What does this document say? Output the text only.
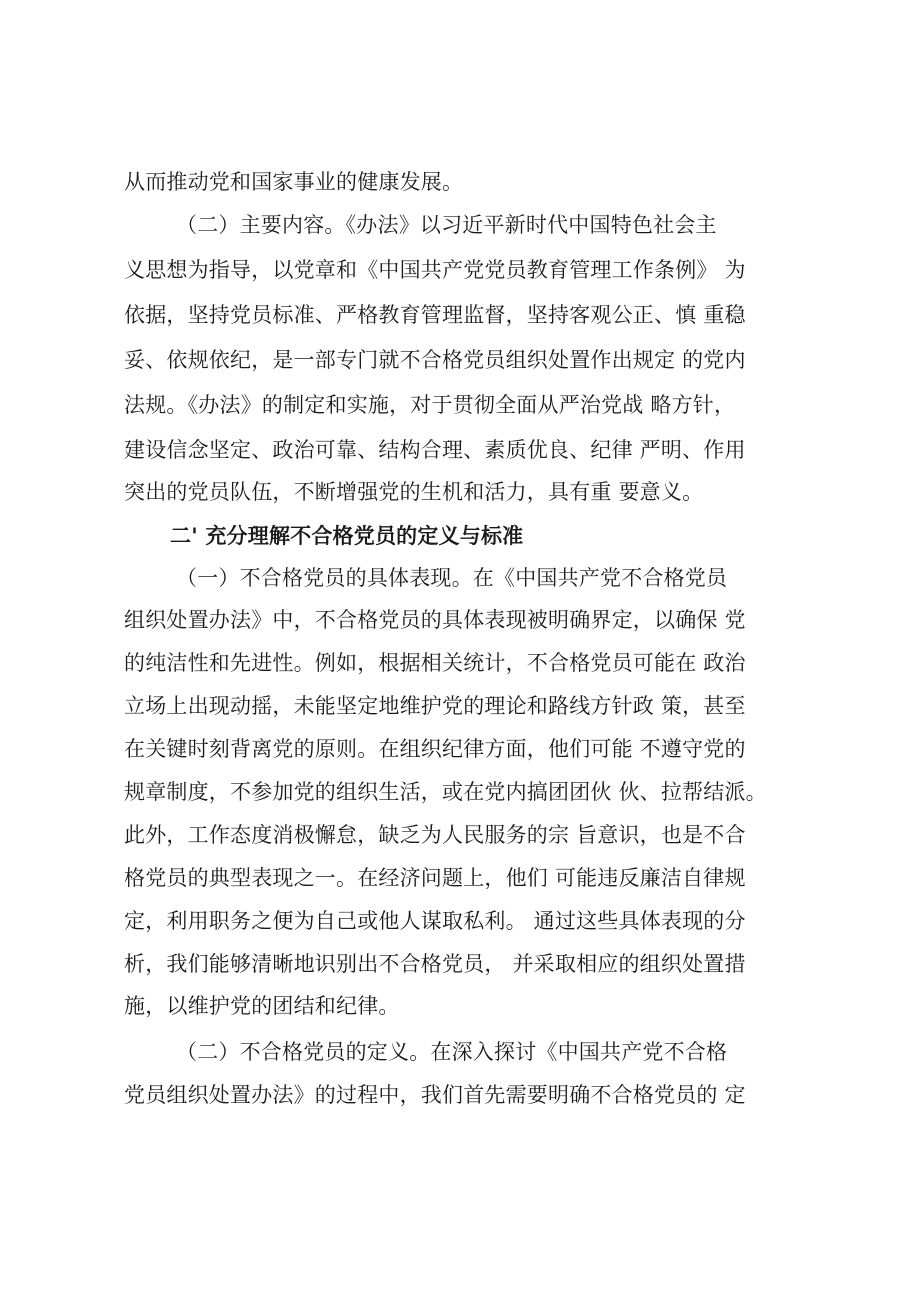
从而推动党和国家事业的健康发展。
（二）主要内容。《办法》以习近平新时代中国特色社会主
义思想为指导，以党章和《中国共产党党员教育管理工作条例》 为
依据，坚持党员标准、严格教育管理监督，坚持客观公正、慎 重稳
妥、依规依纪，是一部专门就不合格党员组织处置作出规定 的党内
法规。《办法》的制定和实施，对于贯彻全面从严治党战 略方针，
建设信念坚定、政治可靠、结构合理、素质优良、纪律 严明、作用
突出的党员队伍，不断增强党的生机和活力，具有重 要意义。
二' 充分理解不合格党员的定义与标准
（一）不合格党员的具体表现。在《中国共产党不合格党员
组织处置办法》中，不合格党员的具体表现被明确界定，以确保 党
的纯洁性和先进性。例如，根据相关统计，不合格党员可能在 政治
立场上出现动摇，未能坚定地维护党的理论和路线方针政 策，甚至
在关键时刻背离党的原则。在组织纪律方面，他们可能 不遵守党的
规章制度，不参加党的组织生活，或在党内搞团团伙 伙、拉帮结派。
此外，工作态度消极懈怠，缺乏为人民服务的宗 旨意识，也是不合
格党员的典型表现之一。在经济问题上，他们 可能违反廉洁自律规
定，利用职务之便为自己或他人谋取私利。 通过这些具体表现的分
析，我们能够清晰地识别出不合格党员， 并采取相应的组织处置措
施，以维护党的团结和纪律。
（二）不合格党员的定义。在深入探讨《中国共产党不合格
党员组织处置办法》的过程中，我们首先需要明确不合格党员的 定
